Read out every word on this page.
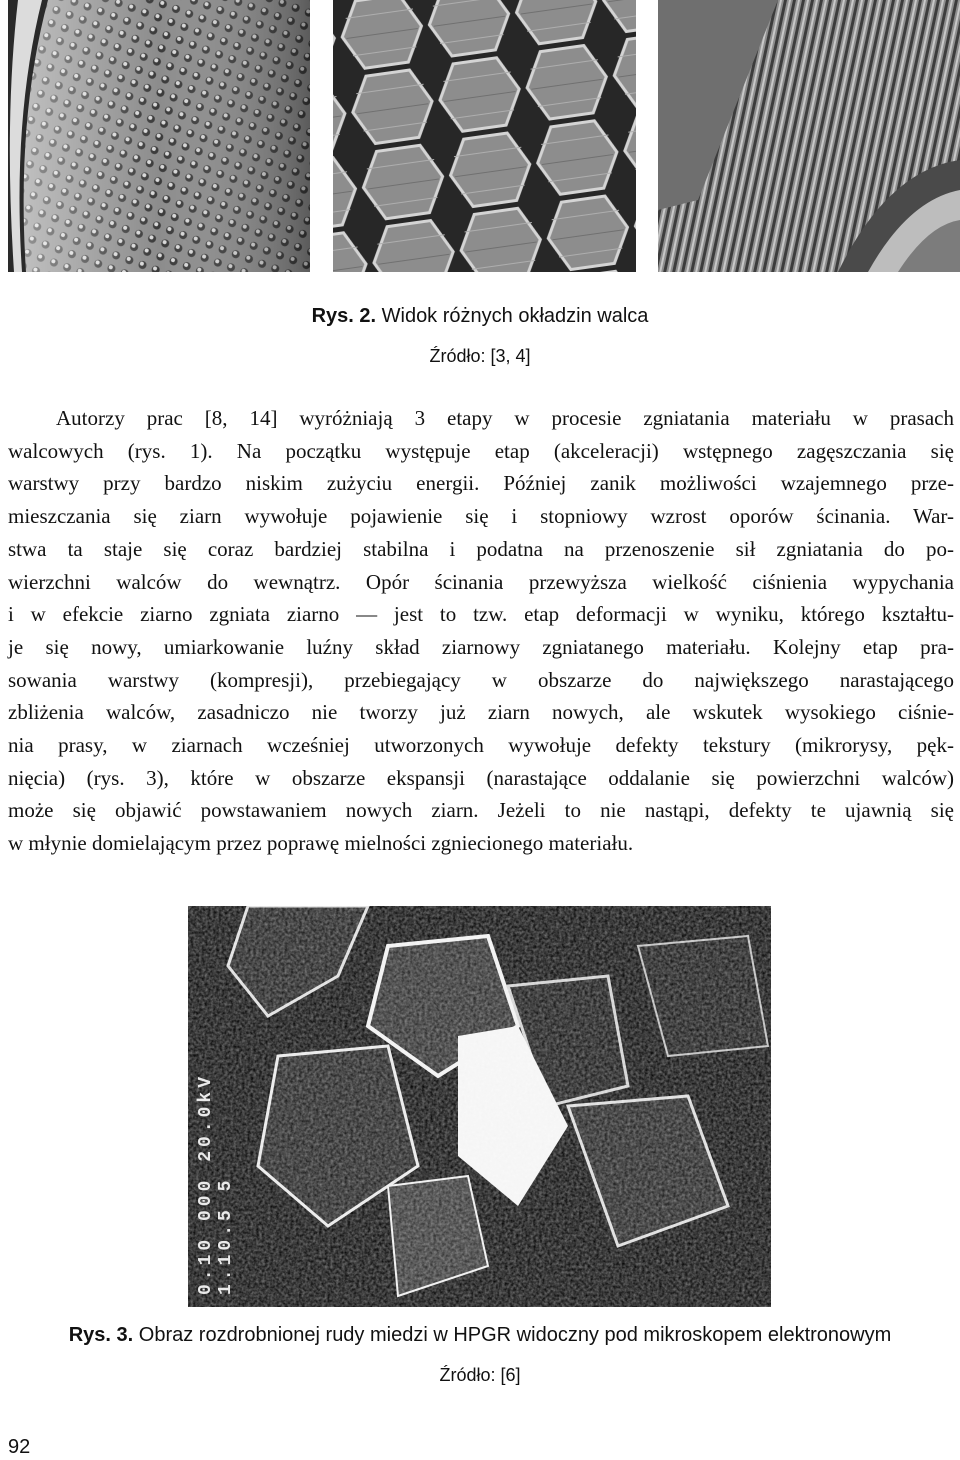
Rys. 2. Widok różnych okładzin walca
Źródło: [3, 4]
Autorzy prac [8, 14] wyróżniają 3 etapy w procesie zgniatania materiału w prasach
walcowych (rys. 1). Na początku występuje etap (akceleracji) wstępnego zagęszczania się
warstwy przy bardzo niskim zużyciu energii. Później zanik możliwości wzajemnego prze-
mieszczania się ziarn wywołuje pojawienie się i stopniowy wzrost oporów ścinania. War-
stwa ta staje się coraz bardziej stabilna i podatna na przenoszenie sił zgniatania do po-
wierzchni walców do wewnątrz. Opór ścinania przewyższa wielkość ciśnienia wypychania
i w efekcie ziarno zgniata ziarno — jest to tzw. etap deformacji w wyniku, którego kształtu-
je się nowy, umiarkowanie luźny skład ziarnowy zgniatanego materiału. Kolejny etap pra-
sowania warstwy (kompresji), przebiegający w obszarze do największego narastającego
zbliżenia walców, zasadniczo nie tworzy już ziarn nowych, ale wskutek wysokiego ciśnie-
nia prasy, w ziarnach wcześniej utworzonych wywołuje defekty tekstury (mikrorysy, pęk-
nięcia) (rys. 3), które w obszarze ekspansji (narastające oddalanie się powierzchni walców)
może się objawić powstawaniem nowych ziarn. Jeżeli to nie nastąpi, defekty te ujawnią się
w młynie domielającym przez poprawę mielności zgniecionego materiału.
0.10 000 20.0kV 1.10.5 5
Rys. 3. Obraz rozdrobnionej rudy miedzi w HPGR widoczny pod mikroskopem elektronowym
Źródło: [6]
92
